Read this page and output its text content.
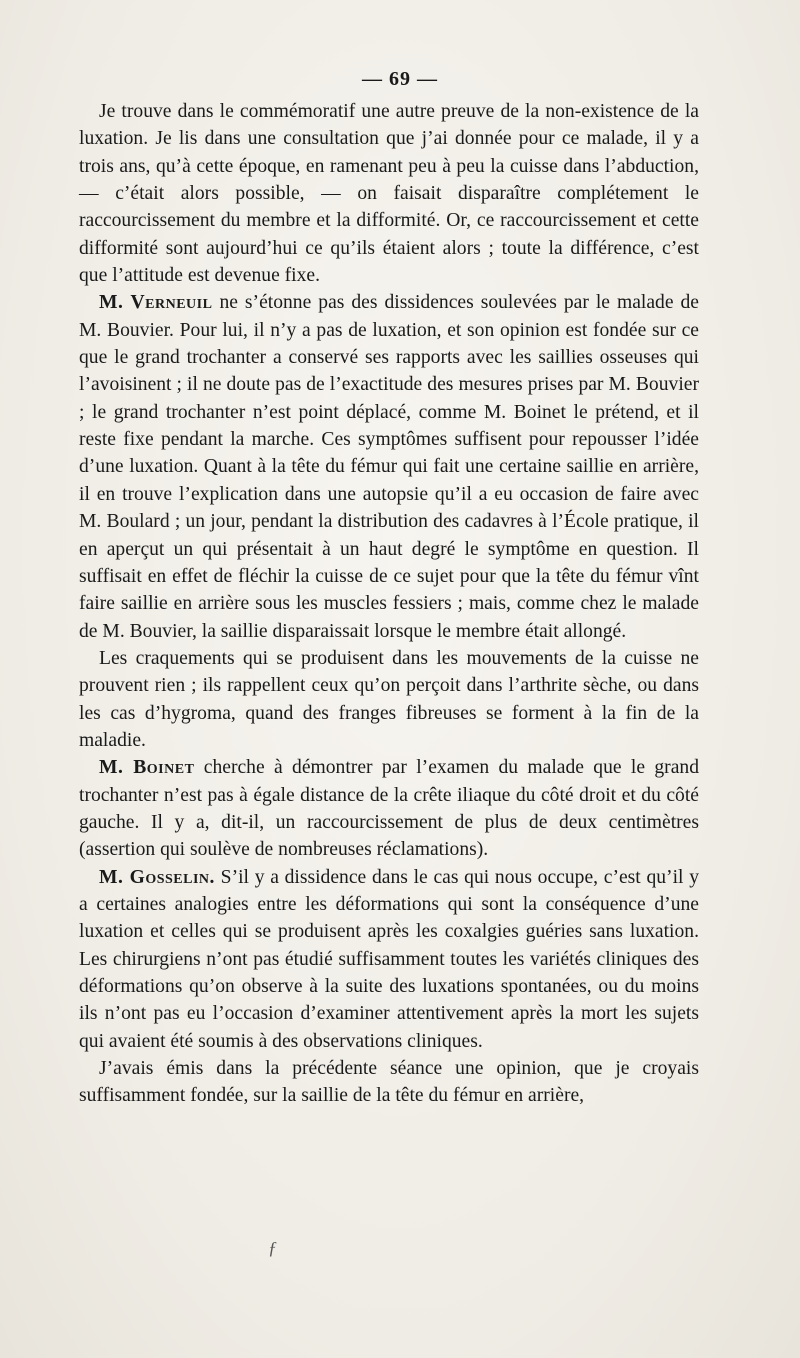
— 69 —

Je trouve dans le commémoratif une autre preuve de la non-existence de la luxation. Je lis dans une consultation que j’ai donnée pour ce malade, il y a trois ans, qu’à cette époque, en ramenant peu à peu la cuisse dans l’abduction, — c’était alors possible, — on faisait disparaître complétement le raccourcissement du membre et la difformité. Or, ce raccourcissement et cette difformité sont aujourd’hui ce qu’ils étaient alors ; toute la différence, c’est que l’attitude est devenue fixe.

M. Verneuil ne s’étonne pas des dissidences soulevées par le malade de M. Bouvier. Pour lui, il n’y a pas de luxation, et son opinion est fondée sur ce que le grand trochanter a conservé ses rapports avec les saillies osseuses qui l’avoisinent ; il ne doute pas de l’exactitude des mesures prises par M. Bouvier ; le grand trochanter n’est point déplacé, comme M. Boinet le prétend, et il reste fixe pendant la marche. Ces symptômes suffisent pour repousser l’idée d’une luxation. Quant à la tête du fémur qui fait une certaine saillie en arrière, il en trouve l’explication dans une autopsie qu’il a eu occasion de faire avec M. Boulard ; un jour, pendant la distribution des cadavres à l’École pratique, il en aperçut un qui présentait à un haut degré le symptôme en question. Il suffisait en effet de fléchir la cuisse de ce sujet pour que la tête du fémur vînt faire saillie en arrière sous les muscles fessiers ; mais, comme chez le malade de M. Bouvier, la saillie disparaissait lorsque le membre était allongé.

Les craquements qui se produisent dans les mouvements de la cuisse ne prouvent rien ; ils rappellent ceux qu’on perçoit dans l’arthrite sèche, ou dans les cas d’hygroma, quand des franges fibreuses se forment à la fin de la maladie.

M. Boinet cherche à démontrer par l’examen du malade que le grand trochanter n’est pas à égale distance de la crête iliaque du côté droit et du côté gauche. Il y a, dit-il, un raccourcissement de plus de deux centimètres (assertion qui soulève de nombreuses réclamations).

M. Gosselin. S’il y a dissidence dans le cas qui nous occupe, c’est qu’il y a certaines analogies entre les déformations qui sont la conséquence d’une luxation et celles qui se produisent après les coxalgies guéries sans luxation. Les chirurgiens n’ont pas étudié suffisamment toutes les variétés cliniques des déformations qu’on observe à la suite des luxations spontanées, ou du moins ils n’ont pas eu l’occasion d’examiner attentivement après la mort les sujets qui avaient été soumis à des observations cliniques.

J’avais émis dans la précédente séance une opinion, que je croyais suffisamment fondée, sur la saillie de la tête du fémur en arrière,

ƒ
